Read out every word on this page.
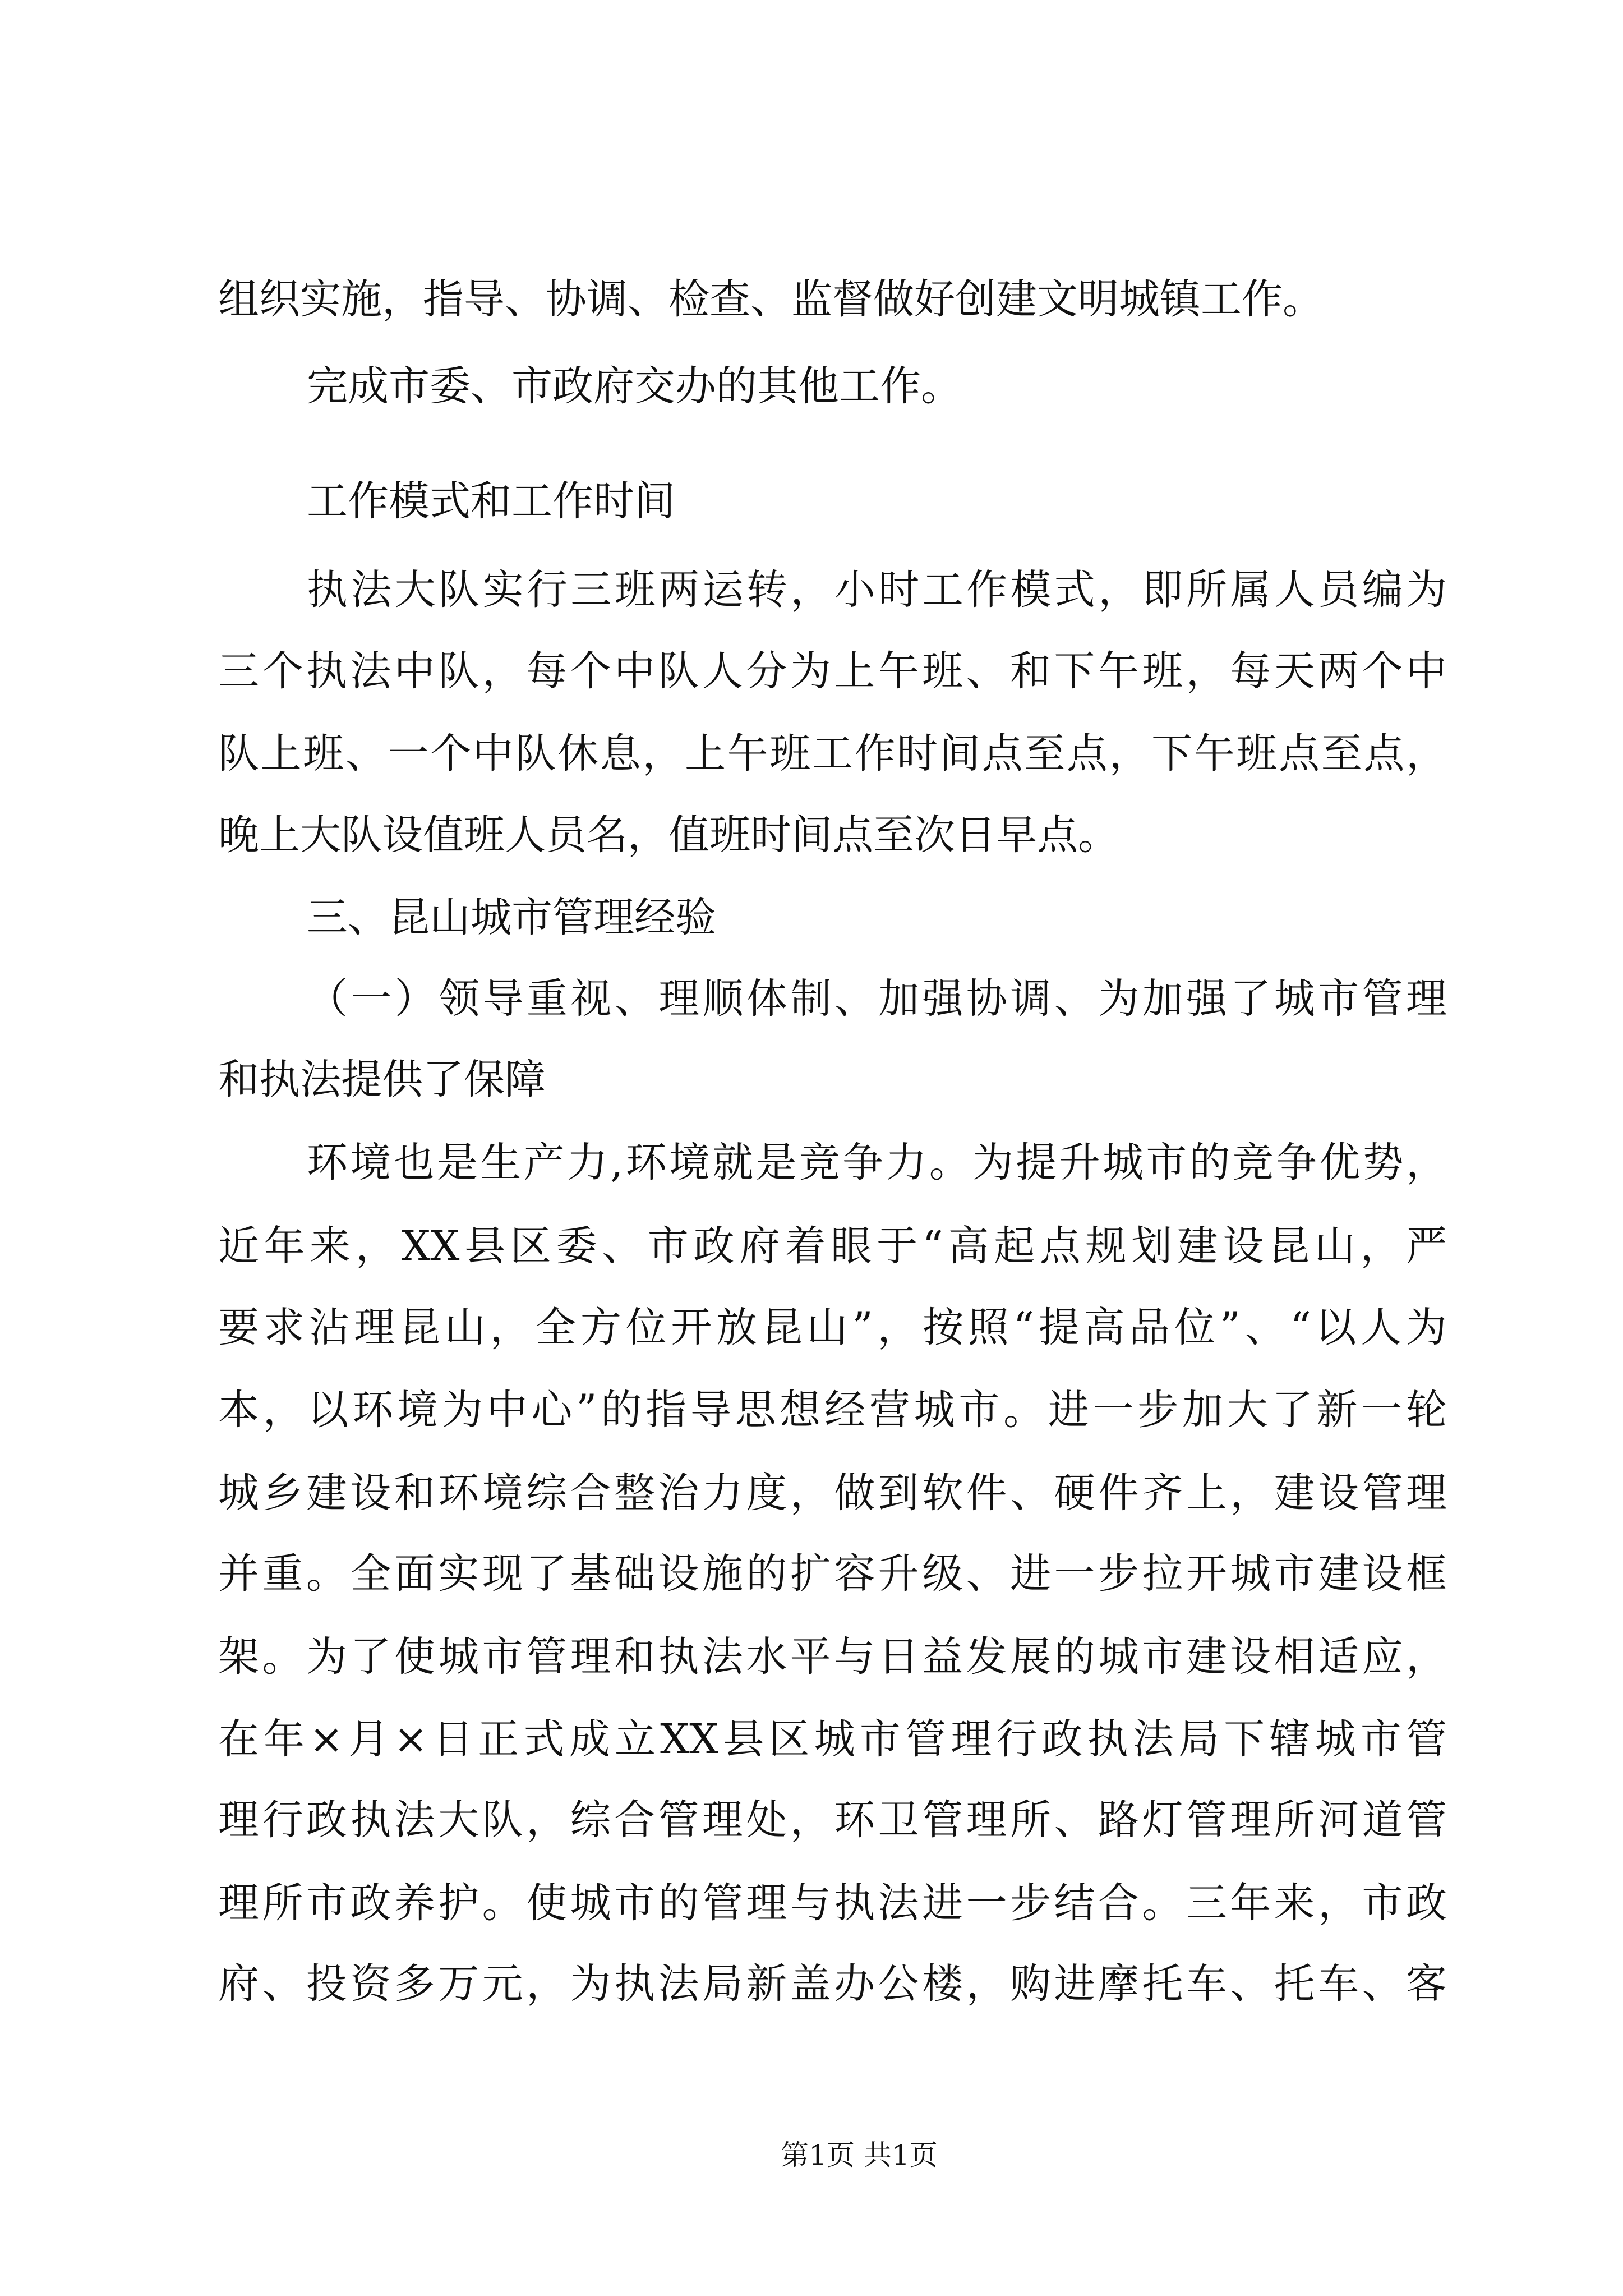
组织实施，指导、协调、检查、监督做好创建文明城镇工作。
完成市委、市政府交办的其他工作。
工作模式和工作时间
执法大队实行三班两运转，小时工作模式，即所属人员编为
三个执法中队，每个中队人分为上午班、和下午班，每天两个中
队上班、一个中队休息，上午班工作时间点至点，下午班点至点，
晚上大队设值班人员名，值班时间点至次日早点。
三、昆山城市管理经验
（一）领导重视、理顺体制、加强协调、为加强了城市管理
和执法提供了保障
环境也是生产力,环境就是竞争力。为提升城市的竞争优势，
近年来，XX县区委、市政府着眼于“高起点规划建设昆山，严
要求沾理昆山，全方位开放昆山”，按照“提高品位”、“以人为
本，以环境为中心”的指导思想经营城市。进一步加大了新一轮
城乡建设和环境综合整治力度，做到软件、硬件齐上，建设管理
并重。全面实现了基础设施的扩容升级、进一步拉开城市建设框
架。为了使城市管理和执法水平与日益发展的城市建设相适应，
在年×月×日正式成立XX县区城市管理行政执法局下辖城市管
理行政执法大队，综合管理处，环卫管理所、路灯管理所河道管
理所市政养护。使城市的管理与执法进一步结合。三年来，市政
府、投资多万元，为执法局新盖办公楼，购进摩托车、托车、客
第1页 共1页
